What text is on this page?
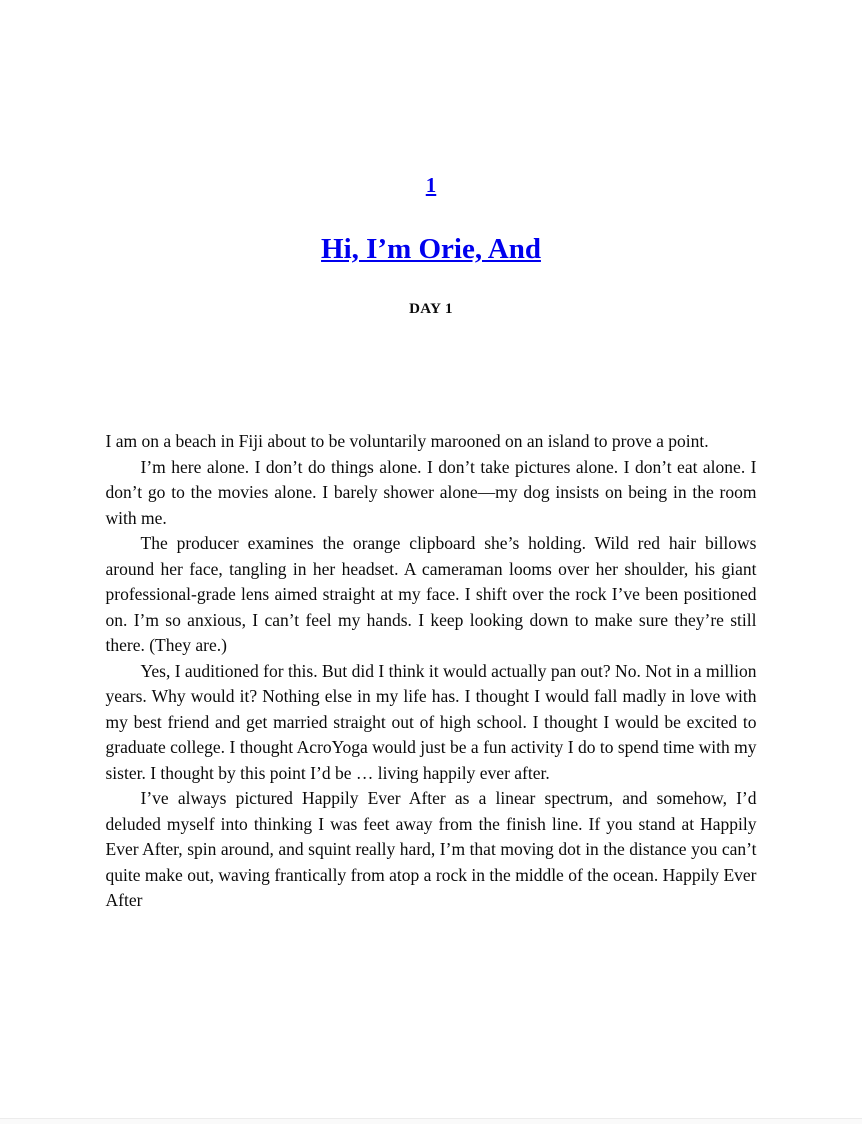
1
Hi, I’m Orie, And
DAY 1

I am on a beach in Fiji about to be voluntarily marooned on an island to prove a point.

I’m here alone. I don’t do things alone. I don’t take pictures alone. I don’t eat alone. I don’t go to the movies alone. I barely shower alone—my dog insists on being in the room with me.

The producer examines the orange clipboard she’s holding. Wild red hair billows around her face, tangling in her headset. A cameraman looms over her shoulder, his giant professional-grade lens aimed straight at my face. I shift over the rock I’ve been positioned on. I’m so anxious, I can’t feel my hands. I keep looking down to make sure they’re still there. (They are.)

Yes, I auditioned for this. But did I think it would actually pan out? No. Not in a million years. Why would it? Nothing else in my life has. I thought I would fall madly in love with my best friend and get married straight out of high school. I thought I would be excited to graduate college. I thought AcroYoga would just be a fun activity I do to spend time with my sister. I thought by this point I’d be … living happily ever after.

I’ve always pictured Happily Ever After as a linear spectrum, and somehow, I’d deluded myself into thinking I was feet away from the finish line. If you stand at Happily Ever After, spin around, and squint really hard, I’m that moving dot in the distance you can’t quite make out, waving frantically from atop a rock in the middle of the ocean. Happily Ever After
